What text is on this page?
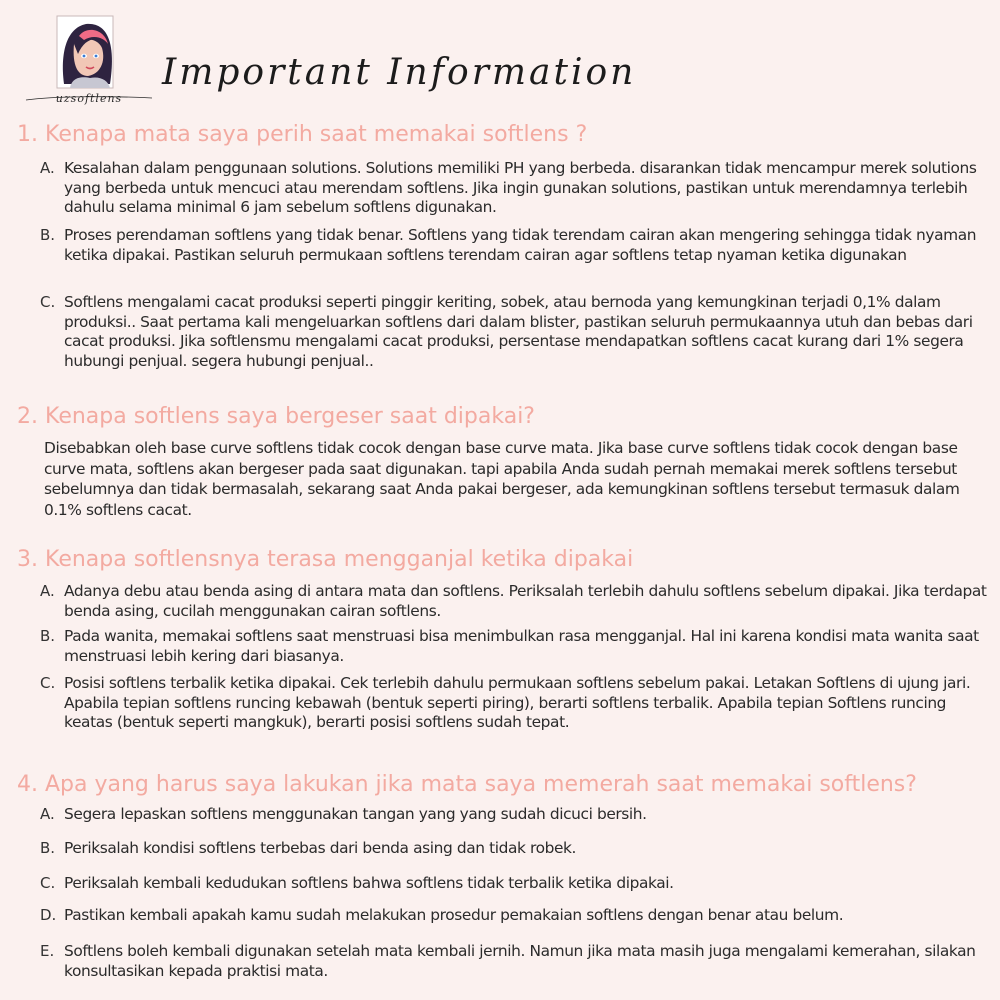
uzsoftlens
Important Information
1. Kenapa mata saya perih saat memakai softlens ?
A. Kesalahan dalam penggunaan solutions. Solutions memiliki PH yang berbeda. disarankan tidak mencampur merek solutions yang berbeda untuk mencuci atau merendam softlens. Jika ingin gunakan solutions, pastikan untuk merendamnya terlebih dahulu selama minimal 6 jam sebelum softlens digunakan.

B. Proses perendaman softlens yang tidak benar. Softlens yang tidak terendam cairan akan mengering sehingga tidak nyaman ketika dipakai. Pastikan seluruh permukaan softlens terendam cairan agar softlens tetap nyaman ketika digunakan

C. Softlens mengalami cacat produksi seperti pinggir keriting, sobek, atau bernoda yang kemungkinan terjadi 0,1% dalam produksi.. Saat pertama kali mengeluarkan softlens dari dalam blister, pastikan seluruh permukaannya utuh dan bebas dari cacat produksi. Jika softlensmu mengalami cacat produksi, persentase mendapatkan softlens cacat kurang dari 1% segera hubungi penjual. segera hubungi penjual..

2. Kenapa softlens saya bergeser saat dipakai?

Disebabkan oleh base curve softlens tidak cocok dengan base curve mata. Jika base curve softlens tidak cocok dengan base curve mata, softlens akan bergeser pada saat digunakan. tapi apabila Anda sudah pernah memakai merek softlens tersebut sebelumnya dan tidak bermasalah, sekarang saat Anda pakai bergeser, ada kemungkinan softlens tersebut termasuk dalam 0.1% softlens cacat.

3. Kenapa softlensnya terasa mengganjal ketika dipakai
A. Adanya debu atau benda asing di antara mata dan softlens. Periksalah terlebih dahulu softlens sebelum dipakai. Jika terdapat benda asing, cucilah menggunakan cairan softlens.

B. Pada wanita, memakai softlens saat menstruasi bisa menimbulkan rasa mengganjal. Hal ini karena kondisi mata wanita saat menstruasi lebih kering dari biasanya.

C. Posisi softlens terbalik ketika dipakai. Cek terlebih dahulu permukaan softlens sebelum pakai. Letakan Softlens di ujung jari. Apabila tepian softlens runcing kebawah (bentuk seperti piring), berarti softlens terbalik. Apabila tepian Softlens runcing keatas (bentuk seperti mangkuk), berarti posisi softlens sudah tepat.

4. Apa yang harus saya lakukan jika mata saya memerah saat memakai softlens?
A. Segera lepaskan softlens menggunakan tangan yang yang sudah dicuci bersih.

B. Periksalah kondisi softlens terbebas dari benda asing dan tidak robek.

C. Periksalah kembali kedudukan softlens bahwa softlens tidak terbalik ketika dipakai.

D. Pastikan kembali apakah kamu sudah melakukan prosedur pemakaian softlens dengan benar atau belum.

E. Softlens boleh kembali digunakan setelah mata kembali jernih. Namun jika mata masih juga mengalami kemerahan, silakan konsultasikan kepada praktisi mata.
